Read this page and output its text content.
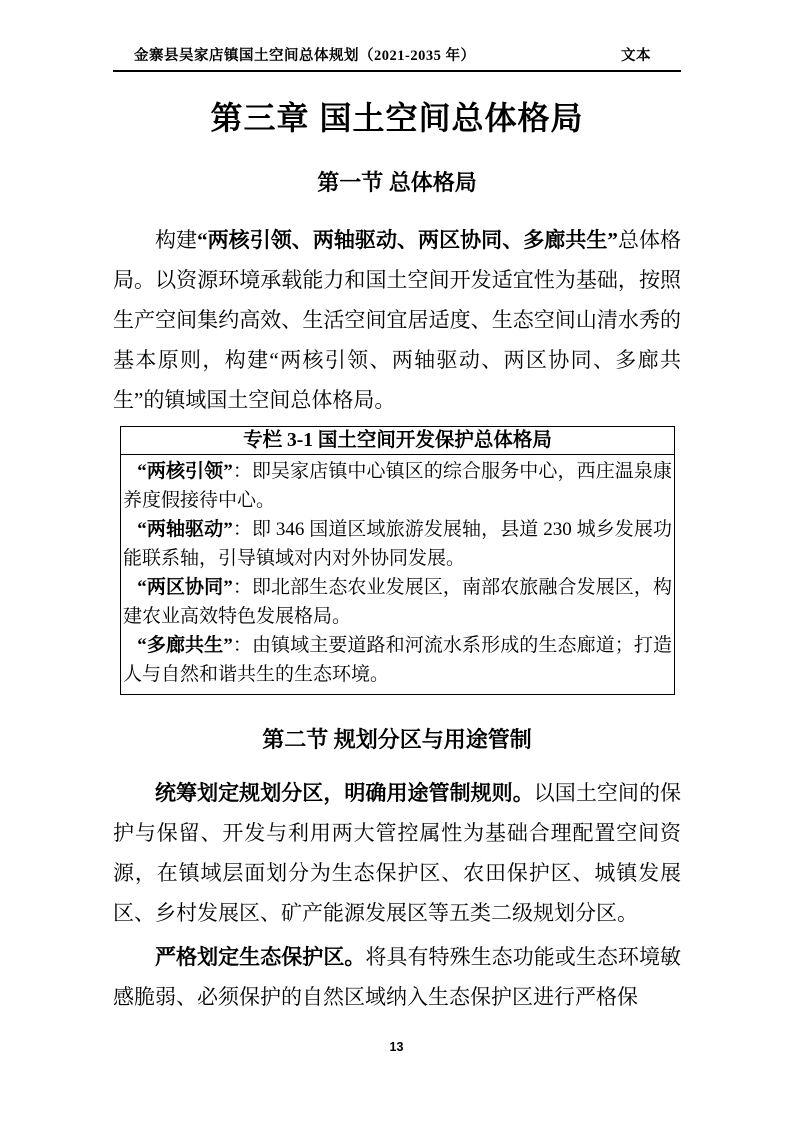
金寨县吴家店镇国土空间总体规划（2021-2035 年）	文本
第三章 国土空间总体格局
第一节 总体格局

构建“两核引领、两轴驱动、两区协同、多廊共生”总体格局。以资源环境承载能力和国土空间开发适宜性为基础，按照生产空间集约高效、生活空间宜居适度、生态空间山清水秀的基本原则，构建“两核引领、两轴驱动、两区协同、多廊共生”的镇域国土空间总体格局。

专栏 3-1 国土空间开发保护总体格局
“两核引领”：即吴家店镇中心镇区的综合服务中心，西庄温泉康养度假接待中心。
“两轴驱动”：即 346 国道区域旅游发展轴，县道 230 城乡发展功能联系轴，引导镇域对内对外协同发展。
“两区协同”：即北部生态农业发展区，南部农旅融合发展区，构建农业高效特色发展格局。
“多廊共生”：由镇域主要道路和河流水系形成的生态廊道；打造人与自然和谐共生的生态环境。
第二节 规划分区与用途管制

统筹划定规划分区，明确用途管制规则。以国土空间的保护与保留、开发与利用两大管控属性为基础合理配置空间资源，在镇域层面划分为生态保护区、农田保护区、城镇发展区、乡村发展区、矿产能源发展区等五类二级规划分区。

严格划定生态保护区。将具有特殊生态功能或生态环境敏感脆弱、必须保护的自然区域纳入生态保护区进行严格保

13
